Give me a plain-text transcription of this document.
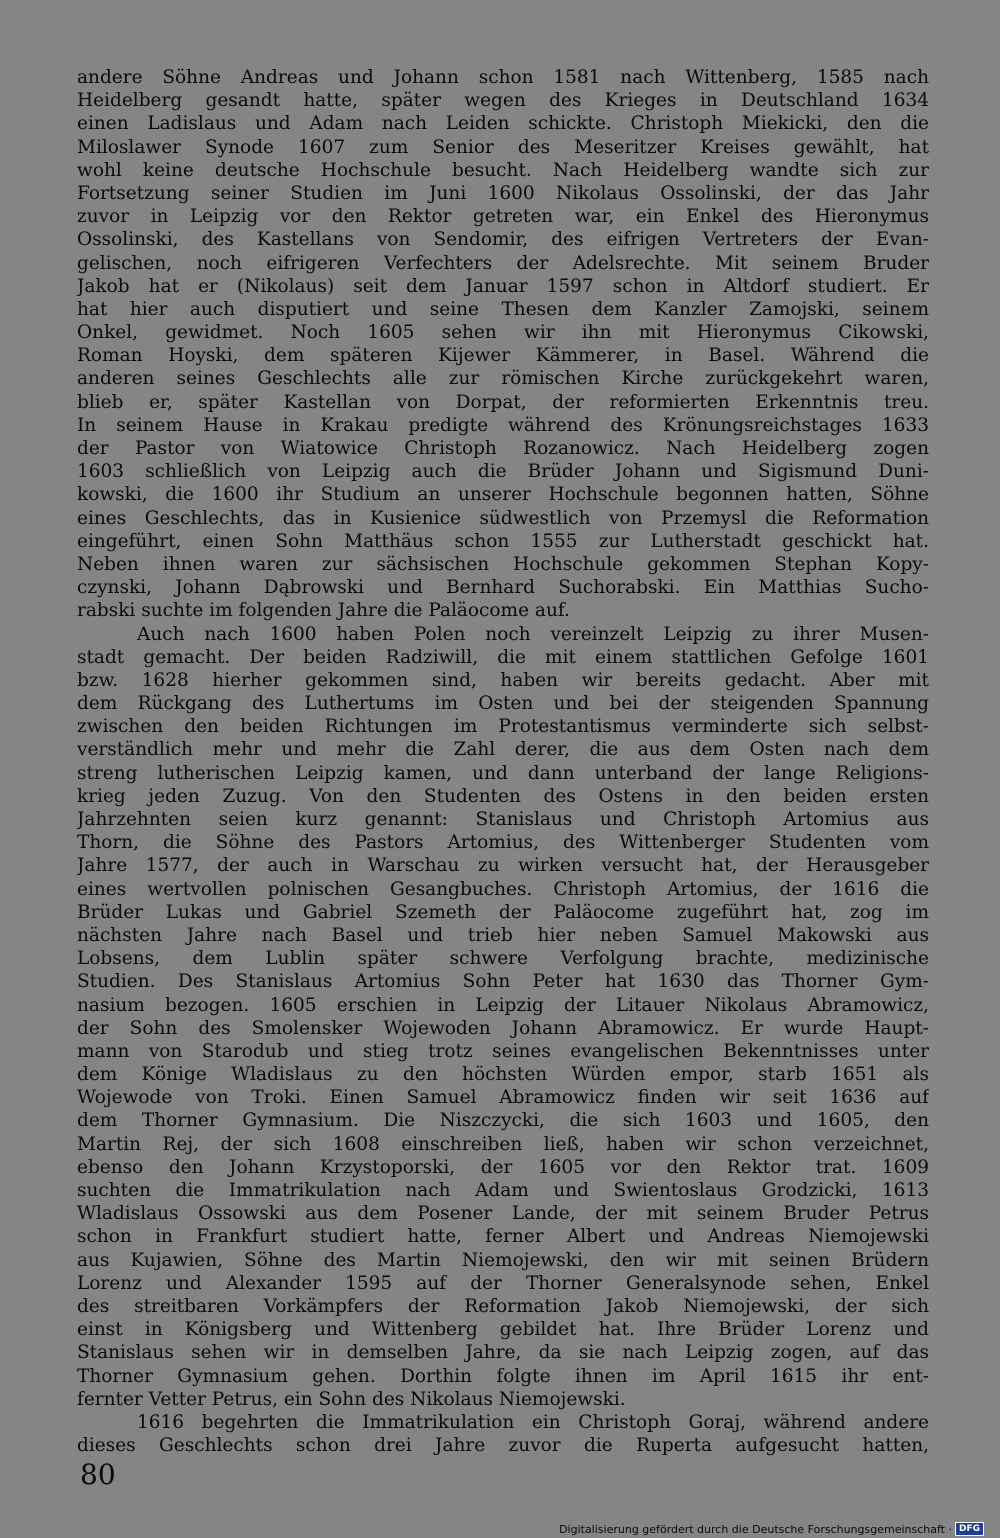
andere Söhne Andreas und Johann schon 1581 nach Wittenberg, 1585 nach
Heidelberg gesandt hatte, später wegen des Krieges in Deutschland 1634
einen Ladislaus und Adam nach Leiden schickte. Christoph Miekicki, den die
Miloslawer Synode 1607 zum Senior des Meseritzer Kreises gewählt, hat
wohl keine deutsche Hochschule besucht. Nach Heidelberg wandte sich zur
Fortsetzung seiner Studien im Juni 1600 Nikolaus Ossolinski, der das Jahr
zuvor in Leipzig vor den Rektor getreten war, ein Enkel des Hieronymus
Ossolinski, des Kastellans von Sendomir, des eifrigen Vertreters der Evan-
gelischen, noch eifrigeren Verfechters der Adelsrechte. Mit seinem Bruder
Jakob hat er (Nikolaus) seit dem Januar 1597 schon in Altdorf studiert. Er
hat hier auch disputiert und seine Thesen dem Kanzler Zamojski, seinem
Onkel, gewidmet. Noch 1605 sehen wir ihn mit Hieronymus Cikowski,
Roman Hoyski, dem späteren Kijewer Kämmerer, in Basel. Während die
anderen seines Geschlechts alle zur römischen Kirche zurückgekehrt waren,
blieb er, später Kastellan von Dorpat, der reformierten Erkenntnis treu.
In seinem Hause in Krakau predigte während des Krönungsreichstages 1633
der Pastor von Wiatowice Christoph Rozanowicz. Nach Heidelberg zogen
1603 schließlich von Leipzig auch die Brüder Johann und Sigismund Duni-
kowski, die 1600 ihr Studium an unserer Hochschule begonnen hatten, Söhne
eines Geschlechts, das in Kusienice südwestlich von Przemysl die Reformation
eingeführt, einen Sohn Matthäus schon 1555 zur Lutherstadt geschickt hat.
Neben ihnen waren zur sächsischen Hochschule gekommen Stephan Kopy-
czynski, Johann Dąbrowski und Bernhard Suchorabski. Ein Matthias Sucho-
rabski suchte im folgenden Jahre die Paläocome auf.
Auch nach 1600 haben Polen noch vereinzelt Leipzig zu ihrer Musen-
stadt gemacht. Der beiden Radziwill, die mit einem stattlichen Gefolge 1601
bzw. 1628 hierher gekommen sind, haben wir bereits gedacht. Aber mit
dem Rückgang des Luthertums im Osten und bei der steigenden Spannung
zwischen den beiden Richtungen im Protestantismus verminderte sich selbst-
verständlich mehr und mehr die Zahl derer, die aus dem Osten nach dem
streng lutherischen Leipzig kamen, und dann unterband der lange Religions-
krieg jeden Zuzug. Von den Studenten des Ostens in den beiden ersten
Jahrzehnten seien kurz genannt: Stanislaus und Christoph Artomius aus
Thorn, die Söhne des Pastors Artomius, des Wittenberger Studenten vom
Jahre 1577, der auch in Warschau zu wirken versucht hat, der Herausgeber
eines wertvollen polnischen Gesangbuches. Christoph Artomius, der 1616 die
Brüder Lukas und Gabriel Szemeth der Paläocome zugeführt hat, zog im
nächsten Jahre nach Basel und trieb hier neben Samuel Makowski aus
Lobsens, dem Lublin später schwere Verfolgung brachte, medizinische
Studien. Des Stanislaus Artomius Sohn Peter hat 1630 das Thorner Gym-
nasium bezogen. 1605 erschien in Leipzig der Litauer Nikolaus Abramowicz,
der Sohn des Smolensker Wojewoden Johann Abramowicz. Er wurde Haupt-
mann von Starodub und stieg trotz seines evangelischen Bekenntnisses unter
dem Könige Wladislaus zu den höchsten Würden empor, starb 1651 als
Wojewode von Troki. Einen Samuel Abramowicz finden wir seit 1636 auf
dem Thorner Gymnasium. Die Niszczycki, die sich 1603 und 1605, den
Martin Rej, der sich 1608 einschreiben ließ, haben wir schon verzeichnet,
ebenso den Johann Krzystoporski, der 1605 vor den Rektor trat. 1609
suchten die Immatrikulation nach Adam und Swientoslaus Grodzicki, 1613
Wladislaus Ossowski aus dem Posener Lande, der mit seinem Bruder Petrus
schon in Frankfurt studiert hatte, ferner Albert und Andreas Niemojewski
aus Kujawien, Söhne des Martin Niemojewski, den wir mit seinen Brüdern
Lorenz und Alexander 1595 auf der Thorner Generalsynode sehen, Enkel
des streitbaren Vorkämpfers der Reformation Jakob Niemojewski, der sich
einst in Königsberg und Wittenberg gebildet hat. Ihre Brüder Lorenz und
Stanislaus sehen wir in demselben Jahre, da sie nach Leipzig zogen, auf das
Thorner Gymnasium gehen. Dorthin folgte ihnen im April 1615 ihr ent-
fernter Vetter Petrus, ein Sohn des Nikolaus Niemojewski.
1616 begehrten die Immatrikulation ein Christoph Goraj, während andere
dieses Geschlechts schon drei Jahre zuvor die Ruperta aufgesucht hatten,
80
Digitalisierung gefördert durch die Deutsche Forschungsgemeinschaft · DFG
